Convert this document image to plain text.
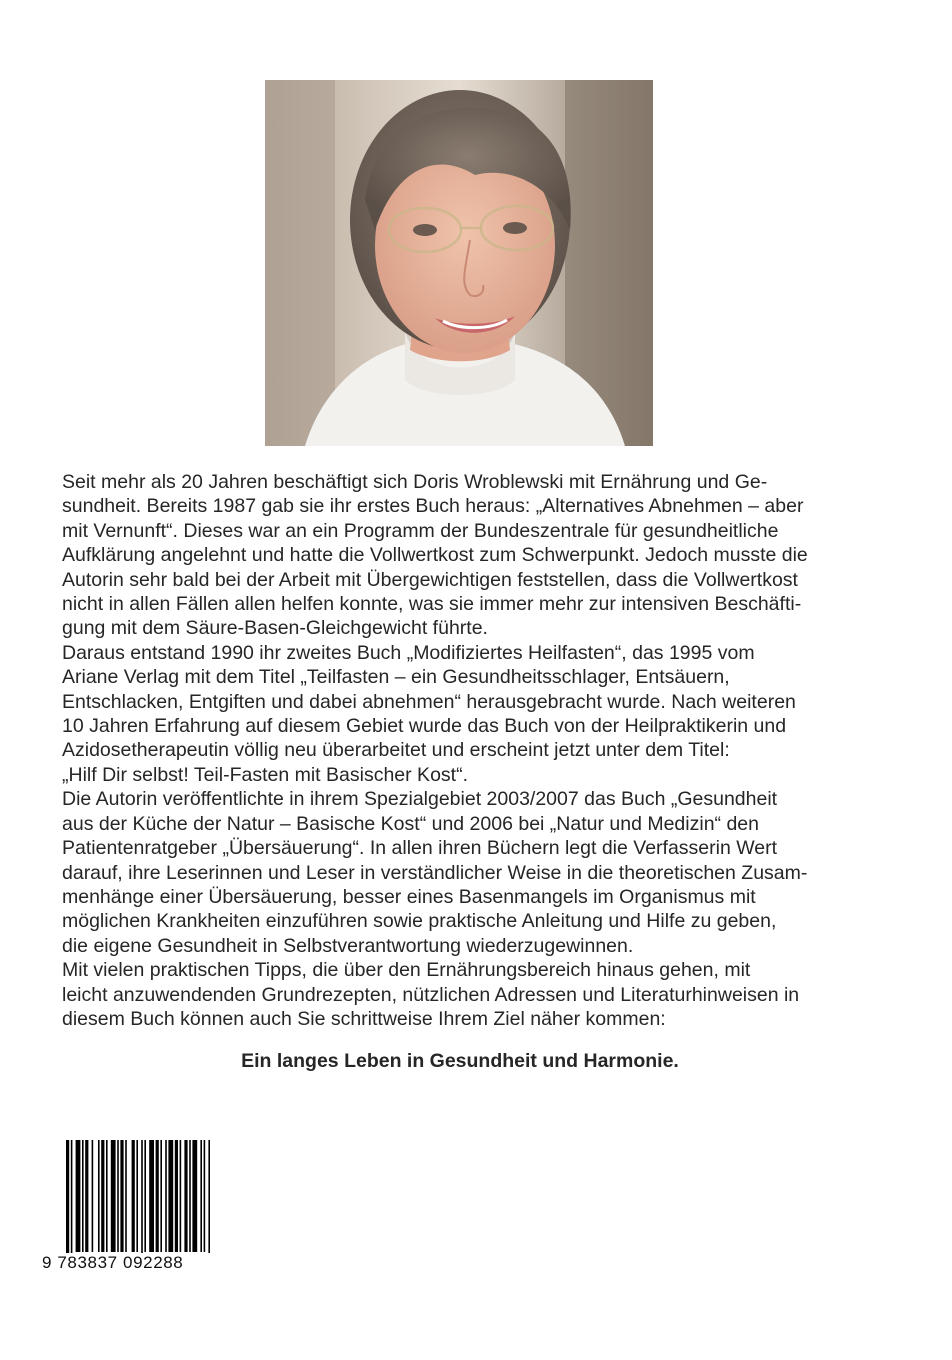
Seit mehr als 20 Jahren beschäftigt sich Doris Wroblewski mit Ernährung und Ge-
sundheit. Bereits 1987 gab sie ihr erstes Buch heraus: „Alternatives Abnehmen – aber
mit Vernunft“. Dieses war an ein Programm der Bundeszentrale für gesundheitliche
Aufklärung angelehnt und hatte die Vollwertkost zum Schwerpunkt. Jedoch musste die
Autorin sehr bald bei der Arbeit mit Übergewichtigen feststellen, dass die Vollwertkost
nicht in allen Fällen allen helfen konnte, was sie immer mehr zur intensiven Beschäfti-
gung mit dem Säure-Basen-Gleichgewicht führte.
Daraus entstand 1990 ihr zweites Buch „Modifiziertes Heilfasten“, das 1995 vom
Ariane Verlag mit dem Titel „Teilfasten – ein Gesundheitsschlager, Entsäuern,
Entschlacken, Entgiften und dabei abnehmen“ herausgebracht wurde. Nach weiteren
10 Jahren Erfahrung auf diesem Gebiet wurde das Buch von der Heilpraktikerin und
Azidosetherapeutin völlig neu überarbeitet und erscheint jetzt unter dem Titel:
„Hilf Dir selbst! Teil-Fasten mit Basischer Kost“.
Die Autorin veröffentlichte in ihrem Spezialgebiet 2003/2007 das Buch „Gesundheit
aus der Küche der Natur – Basische Kost“ und 2006 bei „Natur und Medizin“ den
Patientenratgeber „Übersäuerung“. In allen ihren Büchern legt die Verfasserin Wert
darauf, ihre Leserinnen und Leser in verständlicher Weise in die theoretischen Zusam-
menhänge einer Übersäuerung, besser eines Basenmangels im Organismus mit
möglichen Krankheiten einzuführen sowie praktische Anleitung und Hilfe zu geben,
die eigene Gesundheit in Selbstverantwortung wiederzugewinnen.
Mit vielen praktischen Tipps, die über den Ernährungsbereich hinaus gehen, mit
leicht anzuwendenden Grundrezepten, nützlichen Adressen und Literaturhinweisen in
diesem Buch können auch Sie schrittweise Ihrem Ziel näher kommen:
Ein langes Leben in Gesundheit und Harmonie.
9 783837 092288
